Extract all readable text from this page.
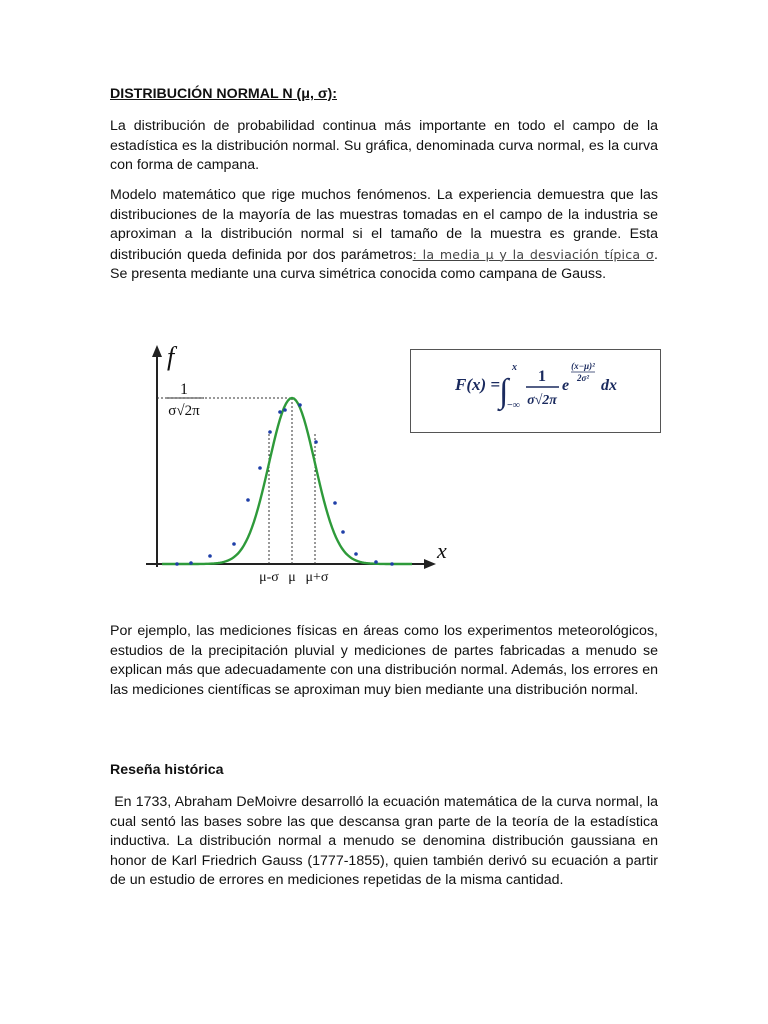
DISTRIBUCIÓN NORMAL N (μ, σ):

La distribución de probabilidad continua más importante en todo el campo de la estadística es la distribución normal. Su gráfica, denominada curva normal, es la curva con forma de campana.

Modelo matemático que rige muchos fenómenos. La experiencia demuestra que las distribuciones de la mayoría de las muestras tomadas en el campo de la industria se aproximan a la distribución normal si el tamaño de la muestra es grande. Esta distribución queda definida por dos parámetros: la media μ y la desviación típica σ. Se presenta mediante una curva simétrica conocida como campana de Gauss.

f
x
1
σ√2π
μ-σ μ μ+σ
F(x) =
∫
x
−∞
1
σ√2π
e
(x−μ)²
2σ² dx

Por ejemplo, las mediciones físicas en áreas como los experimentos meteorológicos, estudios de la precipitación pluvial y mediciones de partes fabricadas a menudo se explican más que adecuadamente con una distribución normal. Además, los errores en las mediciones científicas se aproximan muy bien mediante una distribución normal.

Reseña histórica

En 1733, Abraham DeMoivre desarrolló la ecuación matemática de la curva normal, la cual sentó las bases sobre las que descansa gran parte de la teoría de la estadística inductiva. La distribución normal a menudo se denomina distribución gaussiana en honor de Karl Friedrich Gauss (1777-1855), quien también derivó su ecuación a partir de un estudio de errores en mediciones repetidas de la misma cantidad.
